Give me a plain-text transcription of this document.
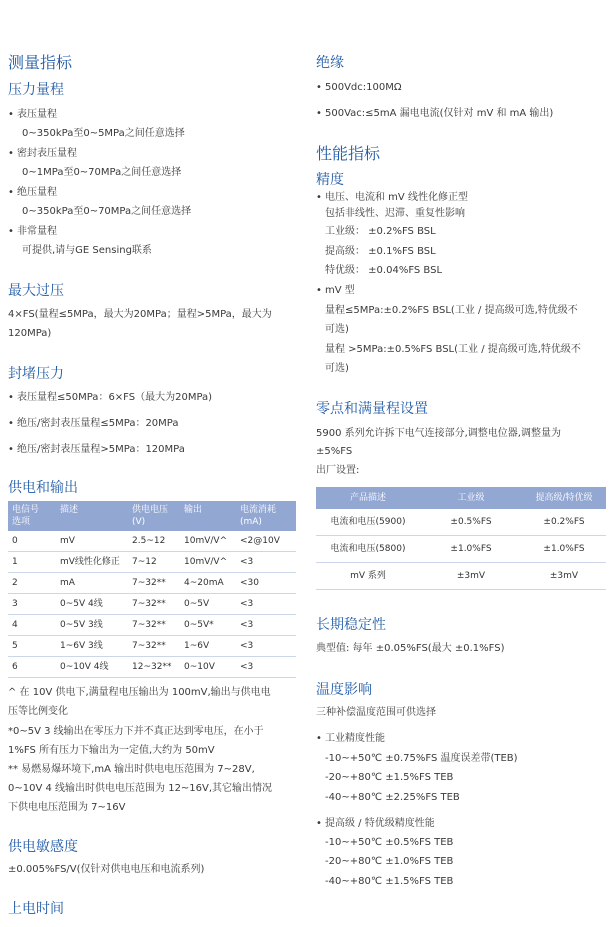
测量指标
压力量程
• 表压量程
0~350kPa至0~5MPa之间任意选择
• 密封表压量程
0~1MPa至0~70MPa之间任意选择
• 绝压量程
0~350kPa至0~70MPa之间任意选择
• 非常量程
可提供,请与GE Sensing联系
最大过压
4×FS(量程≤5MPa，最大为20MPa；量程>5MPa，最大为
120MPa)
封堵压力
• 表压量程≤50MPa：6×FS（最大为20MPa)
• 绝压/密封表压量程≤5MPa：20MPa
• 绝压/密封表压量程>5MPa：120MPa
供电和输出
电信号
选项	描述	供电电压
(V)	输出	电流消耗
(mA)
0	mV	2.5~12	10mV/V^	<2@10V
1	mV线性化修正	7~12	10mV/V^	<3
2	mA	7~32**	4~20mA	<30
3	0~5V 4线	7~32**	0~5V	<3
4	0~5V 3线	7~32**	0~5V*	<3
5	1~6V 3线	7~32**	1~6V	<3
6	0~10V 4线	12~32**	0~10V	<3
^ 在 10V 供电下,满量程电压输出为 100mV,输出与供电电
压等比例变化
*0~5V 3 线输出在零压力下并不真正达到零电压，在小于
1%FS 所有压力下输出为一定值,大约为 50mV
** 易燃易爆环境下,mA 输出时供电电压范围为 7~28V,
0~10V 4 线输出时供电电压范围为 12~16V,其它输出情况
下供电电压范围为 7~16V
供电敏感度
±0.005%FS/V(仅针对供电电压和电流系列)
上电时间
绝缘
• 500Vdc:100MΩ
• 500Vac:≤5mA 漏电电流(仅针对 mV 和 mA 输出)
性能指标
精度
• 电压、电流和 mV 线性化修正型
包括非线性、迟滞、重复性影响
工业级： ±0.2%FS BSL
提高级： ±0.1%FS BSL
特优级： ±0.04%FS BSL
• mV 型
量程≤5MPa:±0.2%FS BSL(工业 / 提高级可选,特优级不
可选)
量程 >5MPa:±0.5%FS BSL(工业 / 提高级可选,特优级不
可选)
零点和满量程设置
5900 系列允许拆下电气连接部分,调整电位器,调整量为
±5%FS
出厂设置:
产品描述	工业级	提高级/特优级
电流和电压(5900)	±0.5%FS	±0.2%FS
电流和电压(5800)	±1.0%FS	±1.0%FS
mV 系列	±3mV	±3mV
长期稳定性
典型值: 每年 ±0.05%FS(最大 ±0.1%FS)
温度影响
三种补偿温度范围可供选择
• 工业精度性能
-10~+50℃ ±0.75%FS 温度误差带(TEB)
-20~+80℃ ±1.5%FS TEB
-40~+80℃ ±2.25%FS TEB
• 提高级 / 特优级精度性能
-10~+50℃ ±0.5%FS TEB
-20~+80℃ ±1.0%FS TEB
-40~+80℃ ±1.5%FS TEB
